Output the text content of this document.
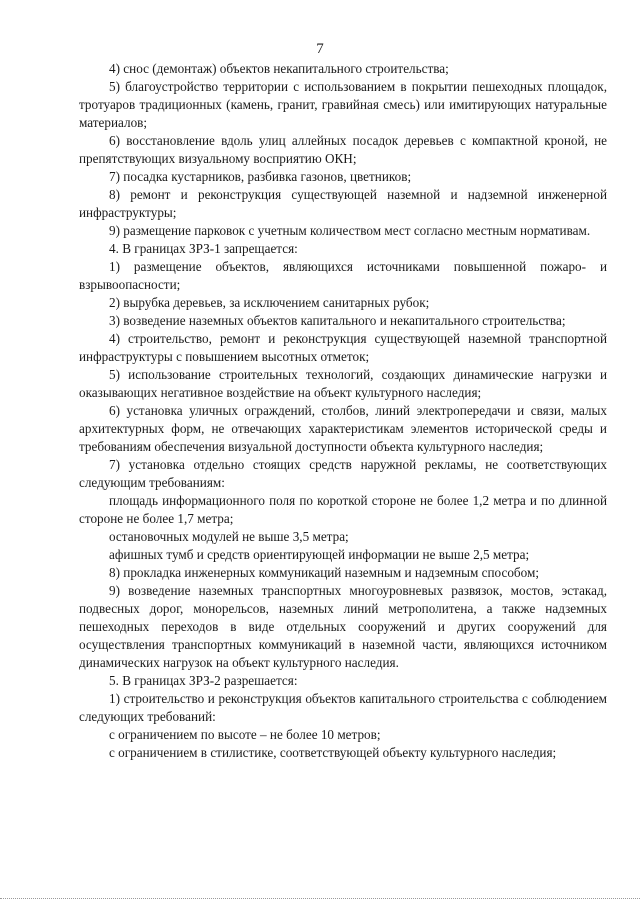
7

4) снос (демонтаж) объектов некапитального строительства;

5) благоустройство территории с использованием в покрытии пешеходных площадок, тротуаров традиционных (камень, гранит, гравийная смесь) или имитирующих натуральные материалов;

6) восстановление вдоль улиц аллейных посадок деревьев с компактной кроной, не препятствующих визуальному восприятию ОКН;

7) посадка кустарников, разбивка газонов, цветников;

8) ремонт и реконструкция существующей наземной и надземной инженерной инфраструктуры;

9) размещение парковок с учетным количеством мест согласно местным нормативам.

4. В границах ЗРЗ-1 запрещается:

1) размещение объектов, являющихся источниками повышенной пожаро- и взрывоопасности;

2) вырубка деревьев, за исключением санитарных рубок;

3) возведение наземных объектов капитального и некапитального строительства;

4) строительство, ремонт и реконструкция существующей наземной транспортной инфраструктуры с повышением высотных отметок;

5) использование строительных технологий, создающих динамические нагрузки и оказывающих негативное воздействие на объект культурного наследия;

6) установка уличных ограждений, столбов, линий электропередачи и связи, малых архитектурных форм, не отвечающих характеристикам элементов исторической среды и требованиям обеспечения визуальной доступности объекта культурного наследия;

7) установка отдельно стоящих средств наружной рекламы, не соответствующих следующим требованиям:

площадь информационного поля по короткой стороне не более 1,2 метра и по длинной стороне не более 1,7 метра;

остановочных модулей не выше 3,5 метра;

афишных тумб и средств ориентирующей информации не выше 2,5 метра;

8) прокладка инженерных коммуникаций наземным и надземным способом;

9) возведение наземных транспортных многоуровневых развязок, мостов, эстакад, подвесных дорог, монорельсов, наземных линий метрополитена, а также надземных пешеходных переходов в виде отдельных сооружений и других сооружений для осуществления транспортных коммуникаций в наземной части, являющихся источником динамических нагрузок на объект культурного наследия.

5. В границах ЗРЗ-2 разрешается:

1) строительство и реконструкция объектов капитального строительства с соблюдением следующих требований:

с ограничением по высоте – не более 10 метров;

с ограничением в стилистике, соответствующей объекту культурного наследия;
